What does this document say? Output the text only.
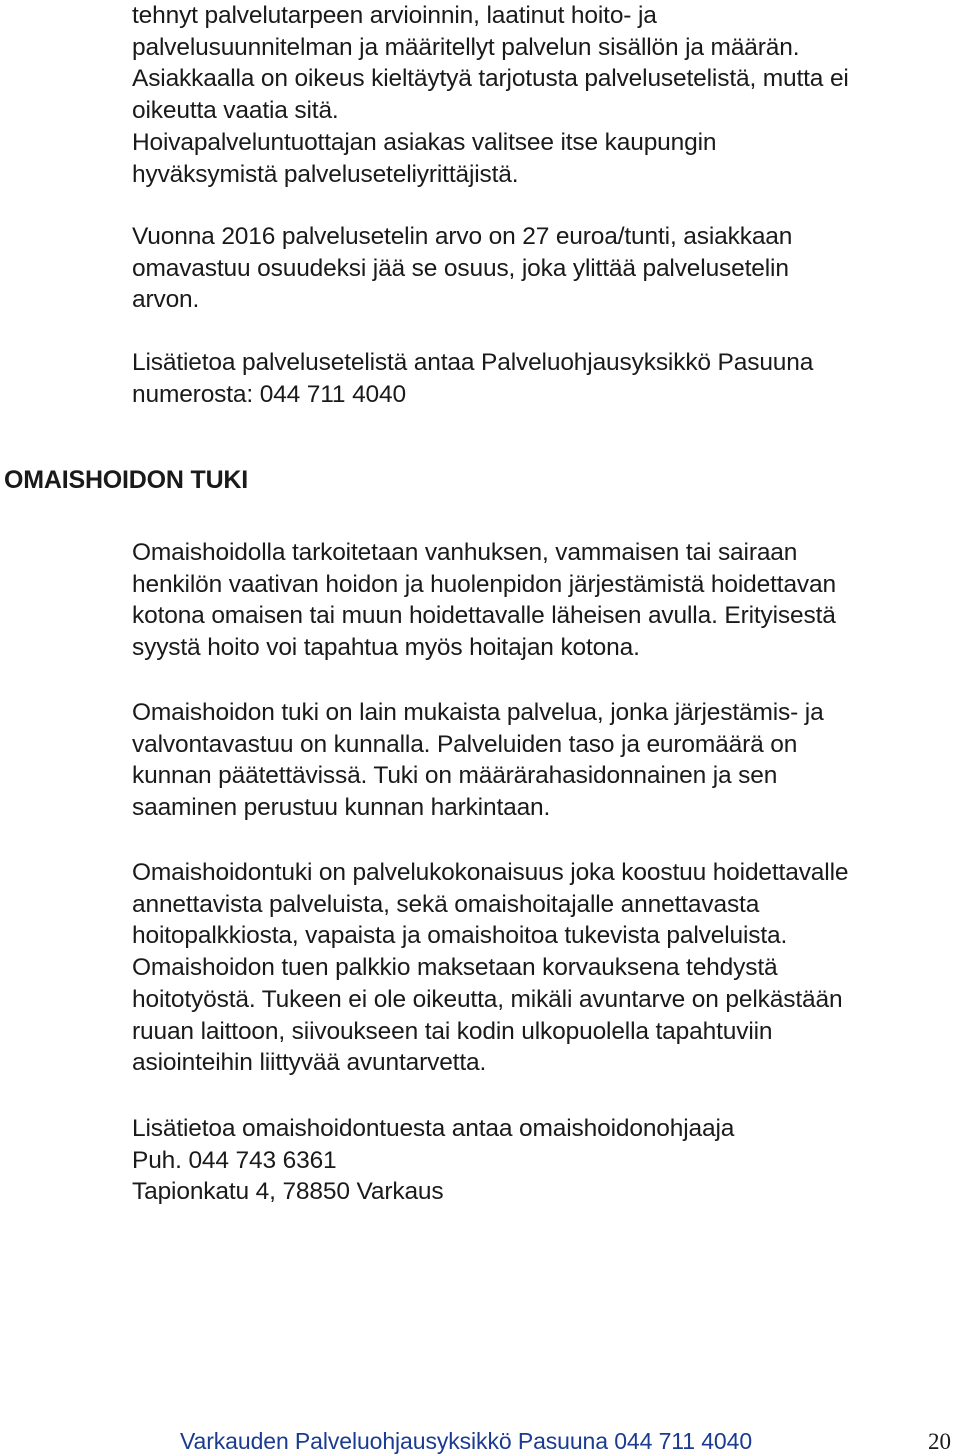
tehnyt palvelutarpeen arvioinnin, laatinut hoito- ja
palvelusuunnitelman ja määritellyt palvelun sisällön ja määrän.
Asiakkaalla on oikeus kieltäytyä tarjotusta palvelusetelistä, mutta ei
oikeutta vaatia sitä.
Hoivapalveluntuottajan asiakas valitsee itse kaupungin
hyväksymistä palveluseteliyrittäjistä.

Vuonna 2016 palvelusetelin arvo on 27 euroa/tunti, asiakkaan
omavastuu osuudeksi jää se osuus, joka ylittää palvelusetelin
arvon.

Lisätietoa palvelusetelistä antaa Palveluohjausyksikkö Pasuuna
numerosta: 044 711 4040

OMAISHOIDON TUKI

Omaishoidolla tarkoitetaan vanhuksen, vammaisen tai sairaan
henkilön vaativan hoidon ja huolenpidon järjestämistä hoidettavan
kotona omaisen tai muun hoidettavalle läheisen avulla. Erityisestä
syystä hoito voi tapahtua myös hoitajan kotona.

Omaishoidon tuki on lain mukaista palvelua, jonka järjestämis- ja
valvontavastuu on kunnalla. Palveluiden taso ja euromäärä on
kunnan päätettävissä. Tuki on määrärahasidonnainen ja sen
saaminen perustuu kunnan harkintaan.

Omaishoidontuki on palvelukokonaisuus joka koostuu hoidettavalle
annettavista palveluista, sekä omaishoitajalle annettavasta
hoitopalkkiosta, vapaista ja omaishoitoa tukevista palveluista.
Omaishoidon tuen palkkio maksetaan korvauksena tehdystä
hoitotyöstä. Tukeen ei ole oikeutta, mikäli avuntarve on pelkästään
ruuan laittoon, siivoukseen tai kodin ulkopuolella tapahtuviin
asiointeihin liittyvää avuntarvetta.

Lisätietoa omaishoidontuesta antaa omaishoidonohjaaja
Puh. 044 743 6361
Tapionkatu 4, 78850 Varkaus

Varkauden Palveluohjausyksikkö Pasuuna 044 711 4040	20
